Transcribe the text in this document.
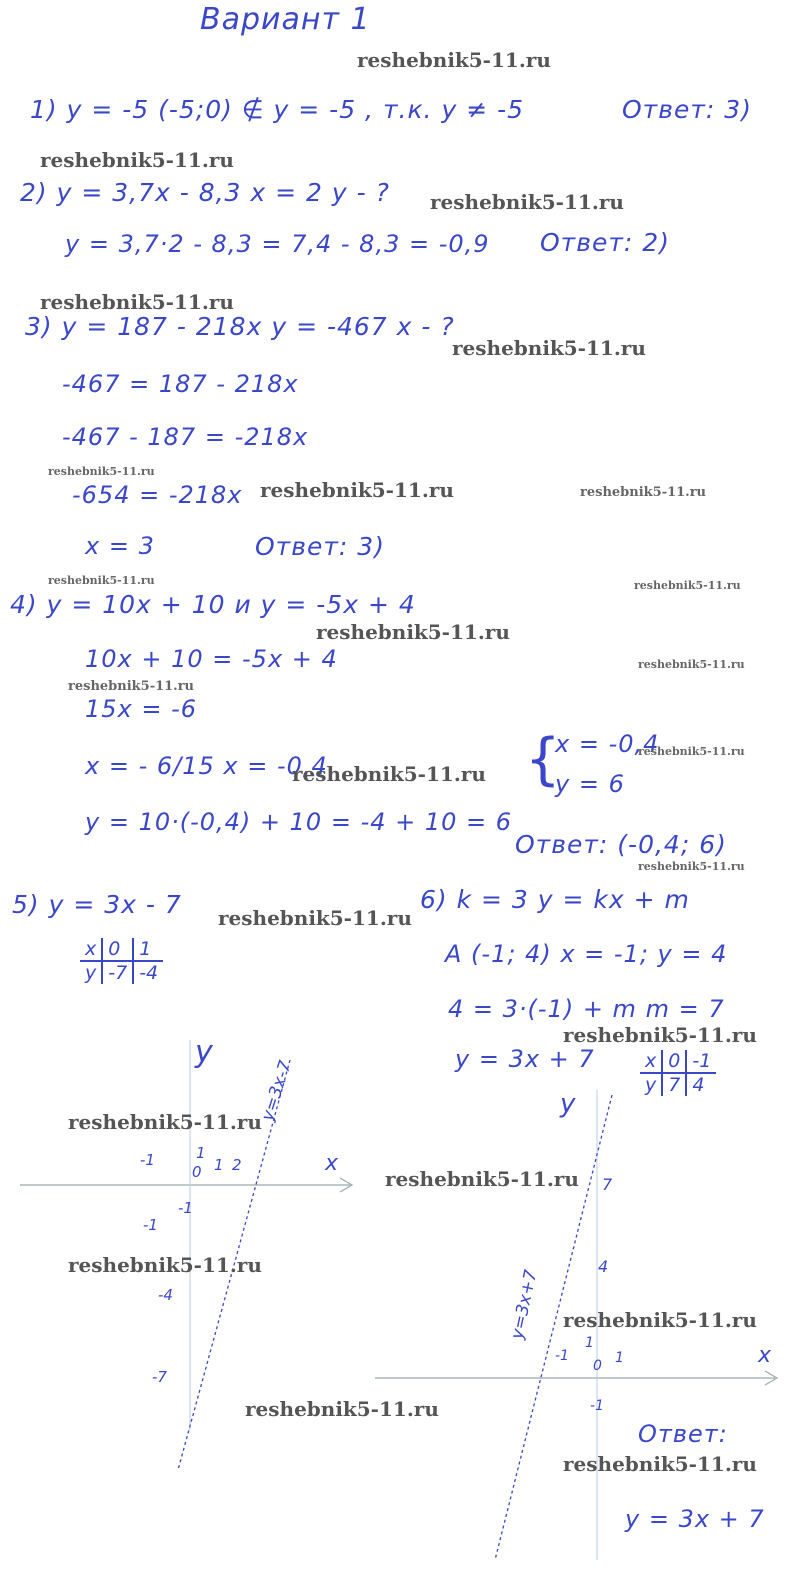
Вариант 1
1) y = -5 (-5;0) ∉ y = -5 , т.к. y ≠ -5	Ответ: 3)
2) y = 3,7x - 8,3 x = 2 y - ?
y = 3,7·2 - 8,3 = 7,4 - 8,3 = -0,9 Ответ: 2)
3) y = 187 - 218x y = -467 x - ?
-467 = 187 - 218x
-467 - 187 = -218x
-654 = -218x
x = 3	Ответ: 3)
4) y = 10x + 10 и y = -5x + 4
10x + 10 = -5x + 4
15x = -6
x = - 6/15 x = -0,4	{
x = -0,4
y = 6
y = 10·(-0,4) + 10 = -4 + 10 = 6
Ответ: (-0,4; 6)
5) y = 3x - 7
x	0	1
y	-7	-4
y
x
y=3x-7
-1	1
0 1 2
-1
-1
-4
-7
6) k = 3 y = kx + m
A (-1; 4) x = -1; y = 4
4 = 3·(-1) + m m = 7
y = 3x + 7	x	0	-1
y	7	4
y
x
y=3x+7
7
4
-1
1
0 1
-1
Ответ:
y = 3x + 7
reshebnik5-11.ru
reshebnik5-11.ru
reshebnik5-11.ru
reshebnik5-11.ru
reshebnik5-11.ru
reshebnik5-11.ru
reshebnik5-11.ru	reshebnik5-11.ru
reshebnik5-11.ru	reshebnik5-11.ru
reshebnik5-11.ru
reshebnik5-11.ru
reshebnik5-11.ru
reshebnik5-11.ru
reshebnik5-11.ru
reshebnik5-11.ru
reshebnik5-11.ru
reshebnik5-11.ru
reshebnik5-11.ru
reshebnik5-11.ru
reshebnik5-11.ru
reshebnik5-11.ru
reshebnik5-11.ru
reshebnik5-11.ru
